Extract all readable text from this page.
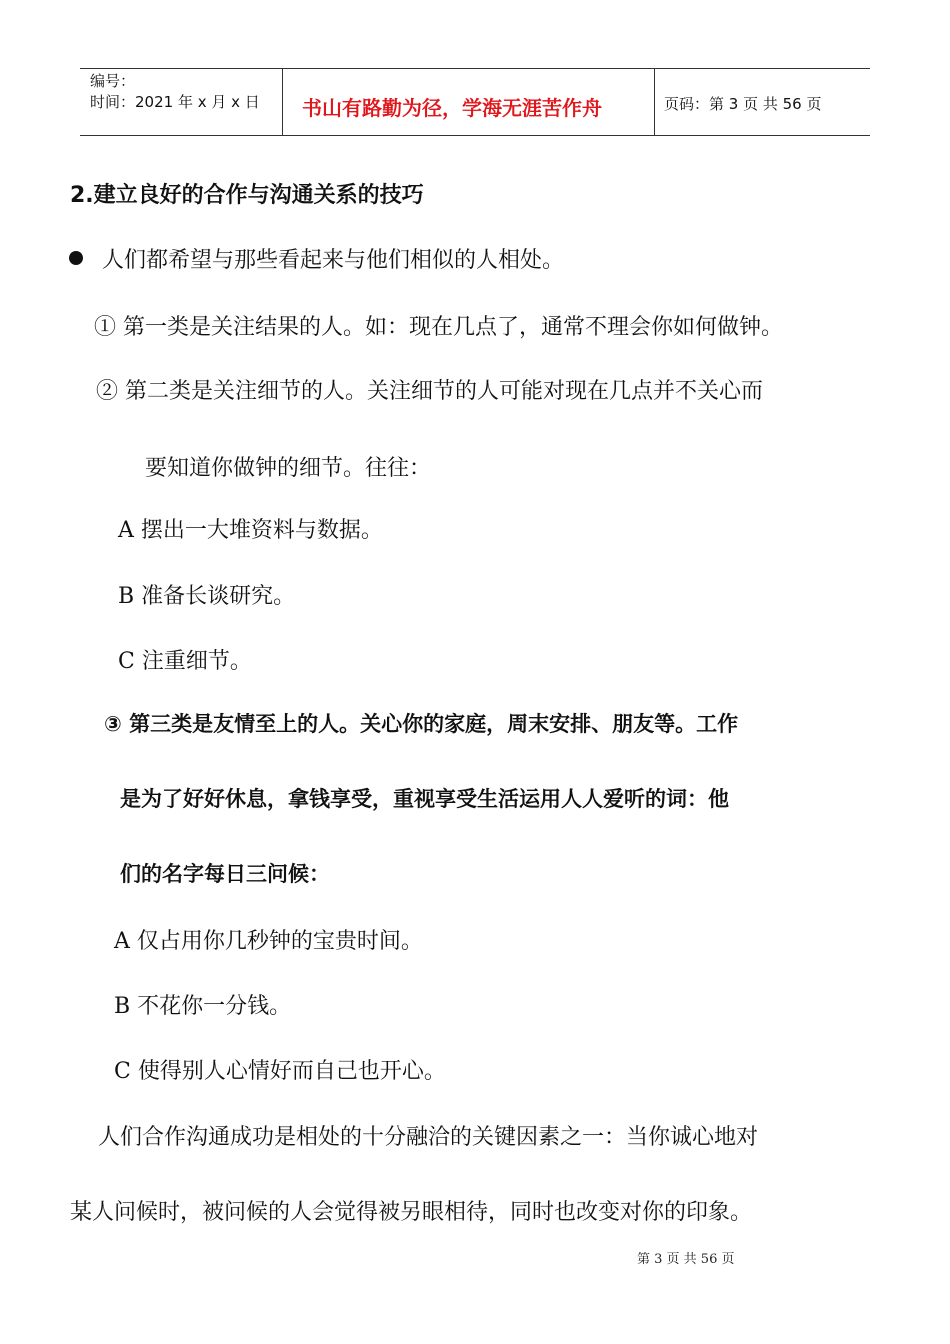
编号：
时间：2021 年 x 月 x 日 书山有路勤为径，学海无涯苦作舟	页码：第 3 页 共 56 页
2.建立良好的合作与沟通关系的技巧
人们都希望与那些看起来与他们相似的人相处。
① 第一类是关注结果的人。如：现在几点了，通常不理会你如何做钟。
② 第二类是关注细节的人。关注细节的人可能对现在几点并不关心而
要知道你做钟的细节。往往：
A 摆出一大堆资料与数据。
B 准备长谈研究。
C 注重细节。
③ 第三类是友情至上的人。关心你的家庭，周末安排、朋友等。工作
是为了好好休息，拿钱享受，重视享受生活运用人人爱听的词：他
们的名字每日三问候：
A 仅占用你几秒钟的宝贵时间。
B 不花你一分钱。
C 使得别人心情好而自己也开心。
人们合作沟通成功是相处的十分融洽的关键因素之一：当你诚心地对
某人问候时，被问候的人会觉得被另眼相待，同时也改变对你的印象。
第 3 页 共 56 页
